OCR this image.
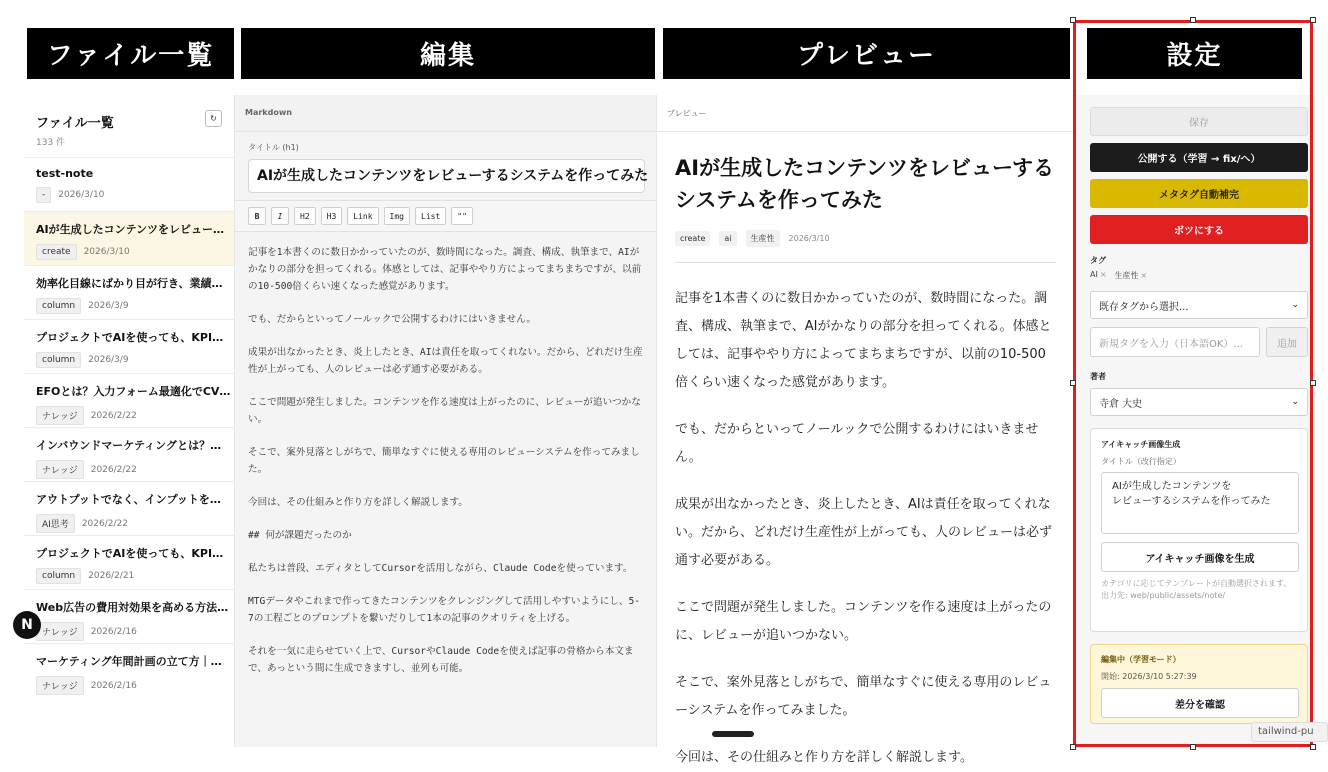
ファイル一覧	編集	プレビュー	設定
ファイル一覧
133 件
↻
test-note
-	2026/3/10
AIが生成したコンテンツをレビュー…
create	2026/3/10
効率化目線にばかり目が行き、業績…
column	2026/3/9
プロジェクトでAIを使っても、KPI…
column	2026/3/9
EFOとは？入力フォーム最適化でCV…
ナレッジ	2026/2/22
インバウンドマーケティングとは？…
ナレッジ	2026/2/22
アウトプットでなく、インプットを…
AI思考	2026/2/22
プロジェクトでAIを使っても、KPI…
column	2026/2/21
Web広告の費用対効果を高める方法…
ナレッジ	2026/2/16
マーケティング年間計画の立て方｜…
ナレッジ	2026/2/16
N
Markdown
タイトル (h1)
AIが生成したコンテンツをレビューするシステムを作ってみた
B	I	H2	H3	Link	Img	List	""

記事を1本書くのに数日かかっていたのが、数時間になった。調査、構成、執筆まで、AIがかなりの部分を担ってくれる。体感としては、記事ややり方によってまちまちですが、以前の10-500倍くらい速くなった感覚があります。

でも、だからといってノールックで公開するわけにはいきません。

成果が出なかったとき、炎上したとき、AIは責任を取ってくれない。だから、どれだけ生産性が上がっても、人のレビューは必ず通す必要がある。

ここで問題が発生しました。コンテンツを作る速度は上がったのに、レビューが追いつかない。

そこで、案外見落としがちで、簡単なすぐに使える専用のレビューシステムを作ってみました。

今回は、その仕組みと作り方を詳しく解説します。

## 何が課題だったのか

私たちは普段、エディタとしてCursorを活用しながら、Claude Codeを使っています。

MTGデータやこれまで作ってきたコンテンツをクレンジングして活用しやすいようにし、5-7の工程ごとのプロンプトを繋いだりして1本の記事のクオリティを上げる。

それを一気に走らせていく上で、CursorやClaude Codeを使えば記事の骨格から本文まで、あっという間に生成できますし、並列も可能。

プレビュー
AIが生成したコンテンツをレビューするシステムを作ってみた
create	ai	生産性	2026/3/10

記事を1本書くのに数日かかっていたのが、数時間になった。調査、構成、執筆まで、AIがかなりの部分を担ってくれる。体感としては、記事ややり方によってまちまちですが、以前の10-500倍くらい速くなった感覚があります。

でも、だからといってノールックで公開するわけにはいきません。

成果が出なかったとき、炎上したとき、AIは責任を取ってくれない。だから、どれだけ生産性が上がっても、人のレビューは必ず通す必要がある。

ここで問題が発生しました。コンテンツを作る速度は上がったのに、レビューが追いつかない。

そこで、案外見落としがちで、簡単なすぐに使える専用のレビューシステムを作ってみました。

今回は、その仕組みと作り方を詳しく解説します。

保存
公開する（学習 → fix/へ）
メタタグ自動補完
ボツにする
タグ
AI × 生産性 ×
既存タグから選択...	⌄
新規タグを入力（日本語OK）...	追加
著者
寺倉 大史	⌄
アイキャッチ画像生成
タイトル（改行指定）
AIが生成したコンテンツを
レビューするシステムを作ってみた
アイキャッチ画像を生成
カテゴリに応じてテンプレートが自動選択されます。
出力先: web/public/assets/note/
編集中（学習モード）
開始: 2026/3/10 5:27:39
差分を確認
tailwind-pu
